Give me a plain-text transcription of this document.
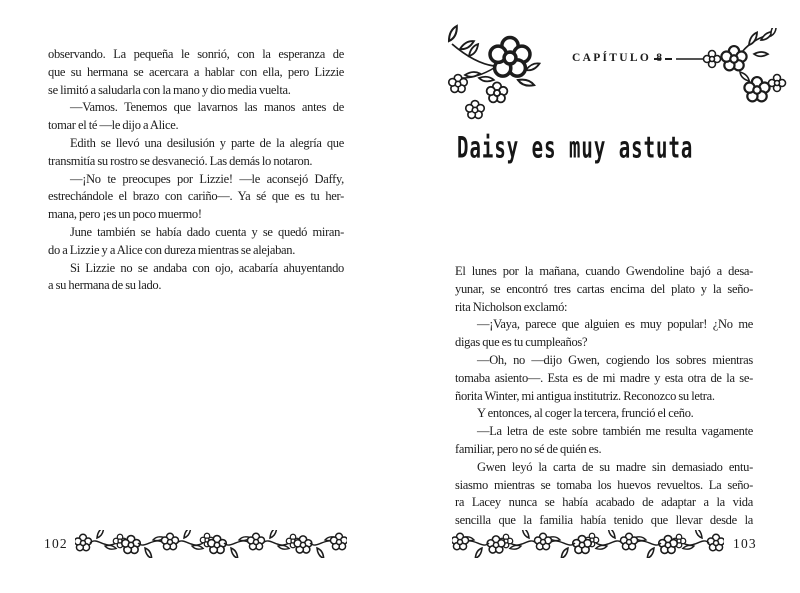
observando. La pequeña le sonrió, con la esperanza de
que su hermana se acercara a hablar con ella, pero Lizzie
se limitó a saludarla con la mano y dio media vuelta.
—Vamos. Tenemos que lavarnos las manos antes de
tomar el té —le dijo a Alice.
Edith se llevó una desilusión y parte de la alegría que
transmitía su rostro se desvaneció. Las demás lo notaron.
—¡No te preocupes por Lizzie! —le aconsejó Daffy,
estrechándole el brazo con cariño—. Ya sé que es tu her-
mana, pero ¡es un poco muermo!
June también se había dado cuenta y se quedó miran-
do a Lizzie y a Alice con dureza mientras se alejaban.
Si Lizzie no se andaba con ojo, acabaría ahuyentando
a su hermana de su lado.
102
CAPÍTULO 8
Daisy es muy astuta
El lunes por la mañana, cuando Gwendoline bajó a desa-
yunar, se encontró tres cartas encima del plato y la seño-
rita Nicholson exclamó:
—¡Vaya, parece que alguien es muy popular! ¿No me
digas que es tu cumpleaños?
—Oh, no —dijo Gwen, cogiendo los sobres mientras
tomaba asiento—. Esta es de mi madre y esta otra de la se-
ñorita Winter, mi antigua institutriz. Reconozco su letra.
Y entonces, al coger la tercera, frunció el ceño.
—La letra de este sobre también me resulta vagamente
familiar, pero no sé de quién es.
Gwen leyó la carta de su madre sin demasiado entu-
siasmo mientras se tomaba los huevos revueltos. La seño-
ra Lacey nunca se había acabado de adaptar a la vida
sencilla que la familia había tenido que llevar desde la
103
